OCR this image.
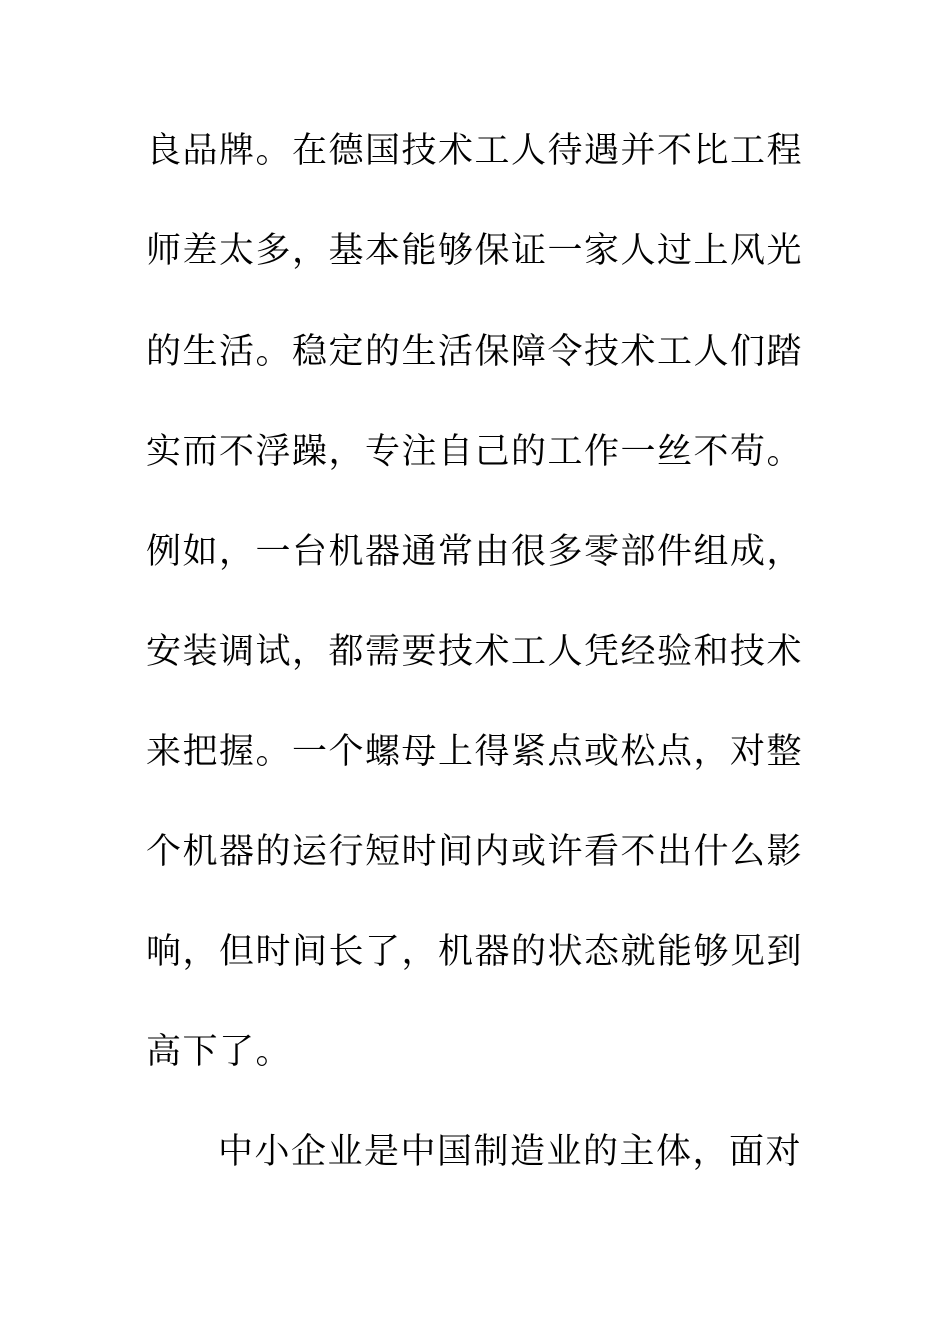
良品牌。在德国技术工人待遇并不比工程
师差太多，基本能够保证一家人过上风光
的生活。稳定的生活保障令技术工人们踏
实而不浮躁，专注自己的工作一丝不苟。
例如，一台机器通常由很多零部件组成，
安装调试，都需要技术工人凭经验和技术
来把握。一个螺母上得紧点或松点，对整
个机器的运行短时间内或许看不出什么影
响，但时间长了，机器的状态就能够见到
高下了。
中小企业是中国制造业的主体，面对
